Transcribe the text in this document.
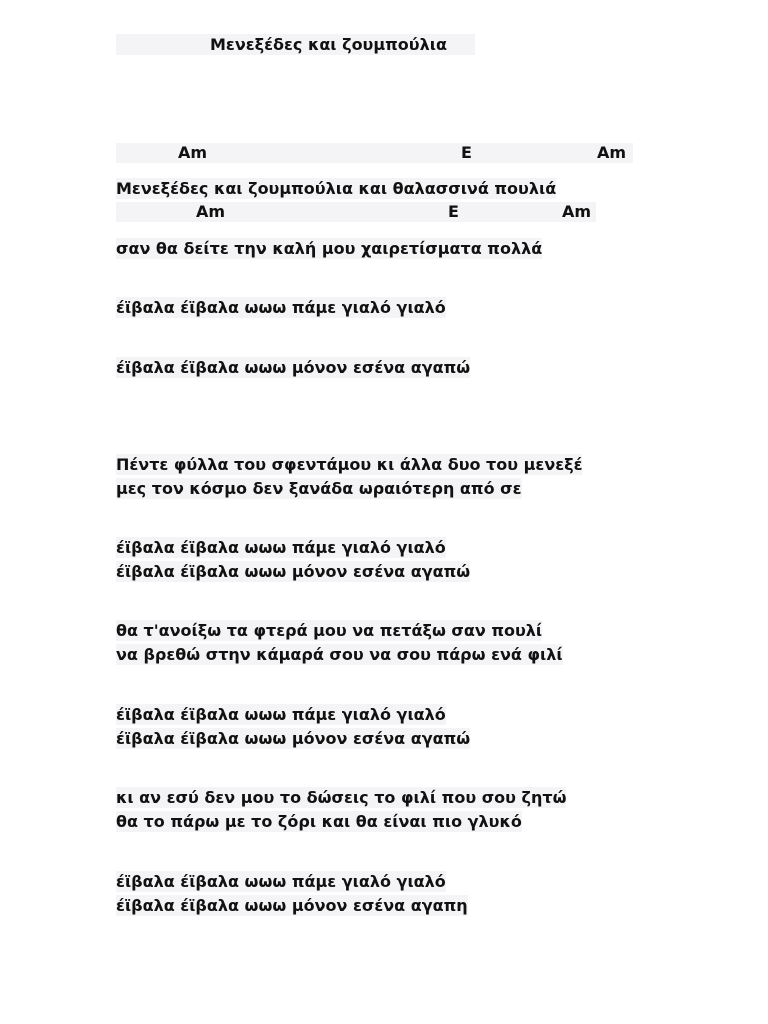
Μενεξέδες και ζουμπούλια
Am	E	Am
Μενεξέδες και ζουμπούλια και θαλασσινά πουλιά
Am	E	Am
σαν θα δείτε την καλή μου χαιρετίσματα πολλά
έϊβαλα έϊβαλα ωωω πάμε γιαλό γιαλό
έϊβαλα έϊβαλα ωωω μόνον εσένα αγαπώ
Πέντε φύλλα του σφεντάμου κι άλλα δυο του μενεξέ
μες τον κόσμο δεν ξανάδα ωραιότερη από σε
έϊβαλα έϊβαλα ωωω πάμε γιαλό γιαλό
έϊβαλα έϊβαλα ωωω μόνον εσένα αγαπώ
θα τ'ανοίξω τα φτερά μου να πετάξω σαν πουλί
να βρεθώ στην κάμαρά σου να σου πάρω ενά φιλί
έϊβαλα έϊβαλα ωωω πάμε γιαλό γιαλό
έϊβαλα έϊβαλα ωωω μόνον εσένα αγαπώ
κι αν εσύ δεν μου το δώσεις το φιλί που σου ζητώ
θα το πάρω με το ζόρι και θα είναι πιο γλυκό
έϊβαλα έϊβαλα ωωω πάμε γιαλό γιαλό
έϊβαλα έϊβαλα ωωω μόνον εσένα αγαπη
